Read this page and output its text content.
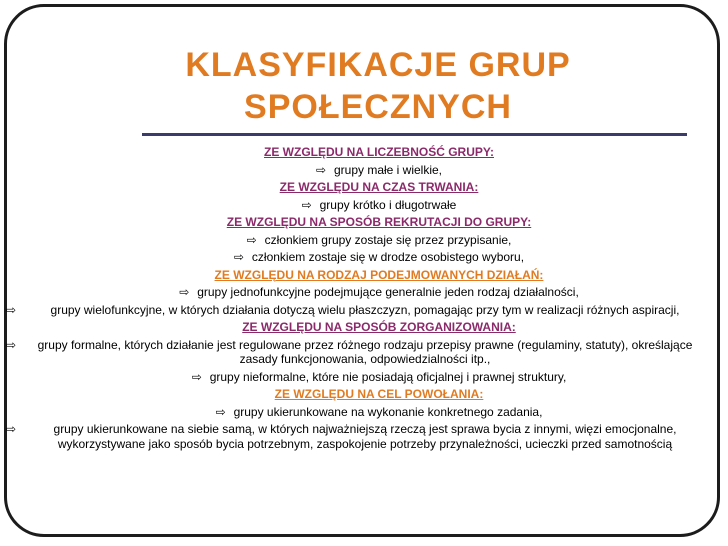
KLASYFIKACJE GRUP
SPOŁECZNYCH
ZE WZGLĘDU NA LICZEBNOŚĆ GRUPY:
⇨ grupy małe i wielkie,
ZE WZGLĘDU NA CZAS TRWANIA:
⇨ grupy krótko i długotrwałe
ZE WZGLĘDU NA SPOSÓB REKRUTACJI DO GRUPY:
⇨ członkiem grupy zostaje się przez przypisanie,
⇨ członkiem zostaje się w drodze osobistego wyboru,
ZE WZGLĘDU NA RODZAJ PODEJMOWANYCH DZIAŁAŃ:
⇨ grupy jednofunkcyjne podejmujące generalnie jeden rodzaj działalności,
⇨	grupy wielofunkcyjne, w których działania dotyczą wielu płaszczyzn, pomagając przy tym w realizacji różnych aspiracji,
ZE WZGLĘDU NA SPOSÓB ZORGANIZOWANIA:
⇨	grupy formalne, których działanie jest regulowane przez różnego rodzaju przepisy prawne (regulaminy, statuty), określające zasady funkcjonowania, odpowiedzialności itp.,
⇨ grupy nieformalne, które nie posiadają oficjalnej i prawnej struktury,
ZE WZGLĘDU NA CEL POWOŁANIA:
⇨ grupy ukierunkowane na wykonanie konkretnego zadania,
⇨	grupy ukierunkowane na siebie samą, w których najważniejszą rzeczą jest sprawa bycia z innymi, więzi emocjonalne, wykorzystywane jako sposób bycia potrzebnym, zaspokojenie potrzeby przynależności, ucieczki przed samotnością
